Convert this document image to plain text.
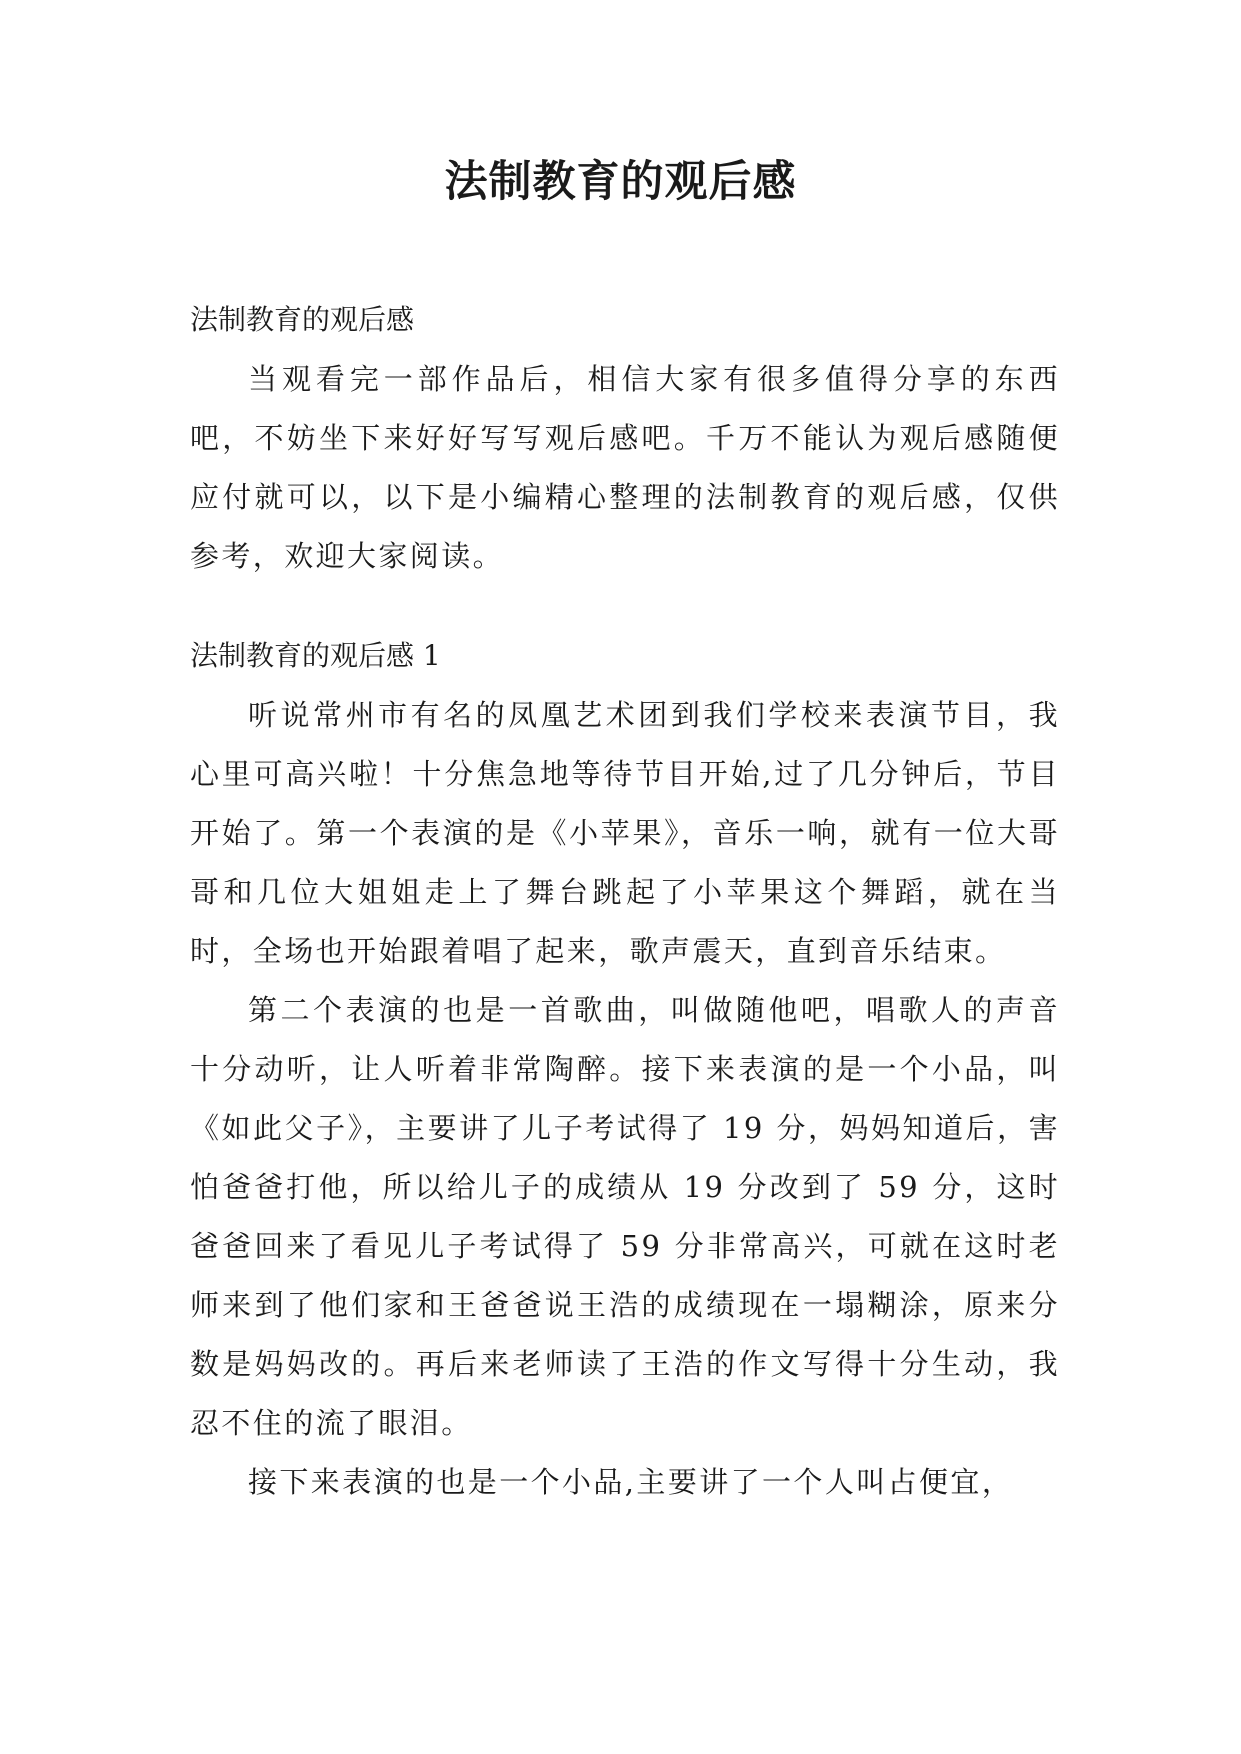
法制教育的观后感

法制教育的观后感

当观看完一部作品后，相信大家有很多值得分享的东西吧，不妨坐下来好好写写观后感吧。千万不能认为观后感随便应付就可以，以下是小编精心整理的法制教育的观后感，仅供参考，欢迎大家阅读。

法制教育的观后感 1

听说常州市有名的凤凰艺术团到我们学校来表演节目，我心里可高兴啦！十分焦急地等待节目开始,过了几分钟后，节目开始了。第一个表演的是《小苹果》，音乐一响，就有一位大哥哥和几位大姐姐走上了舞台跳起了小苹果这个舞蹈，就在当时，全场也开始跟着唱了起来，歌声震天，直到音乐结束。

第二个表演的也是一首歌曲，叫做随他吧，唱歌人的声音十分动听，让人听着非常陶醉。接下来表演的是一个小品，叫《如此父子》，主要讲了儿子考试得了 19 分，妈妈知道后，害怕爸爸打他，所以给儿子的成绩从 19 分改到了 59 分，这时爸爸回来了看见儿子考试得了 59 分非常高兴，可就在这时老师来到了他们家和王爸爸说王浩的成绩现在一塌糊涂，原来分数是妈妈改的。再后来老师读了王浩的作文写得十分生动，我忍不住的流了眼泪。

接下来表演的也是一个小品,主要讲了一个人叫占便宜，
